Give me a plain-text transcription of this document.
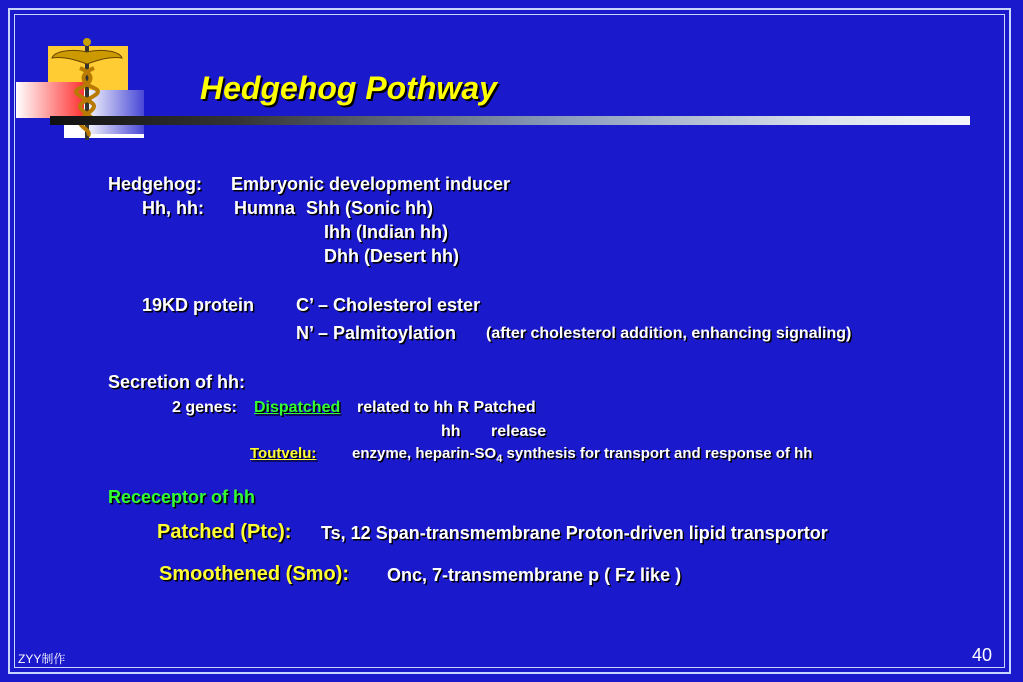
Hedgehog Pothway
Hedgehog: Embryonic development inducer
Hh, hh: Humna Shh (Sonic hh)
Ihh (Indian hh)
Dhh (Desert hh)
19KD protein C’ – Cholesterol ester
N’ – Palmitoylation (after cholesterol addition, enhancing signaling)
Secretion of hh:
2 genes: Dispatched related to hh R Patched
hh release
Toutvelu: enzyme, heparin-$SO_4$ synthesis for transport and response of hh
Receceptor of hh
Patched (Ptc): Ts, 12 Span-transmembrane Proton-driven lipid transportor
Smoothened (Smo): Onc, 7-transmembrane p ( Fz like )
ZYY制作	40
